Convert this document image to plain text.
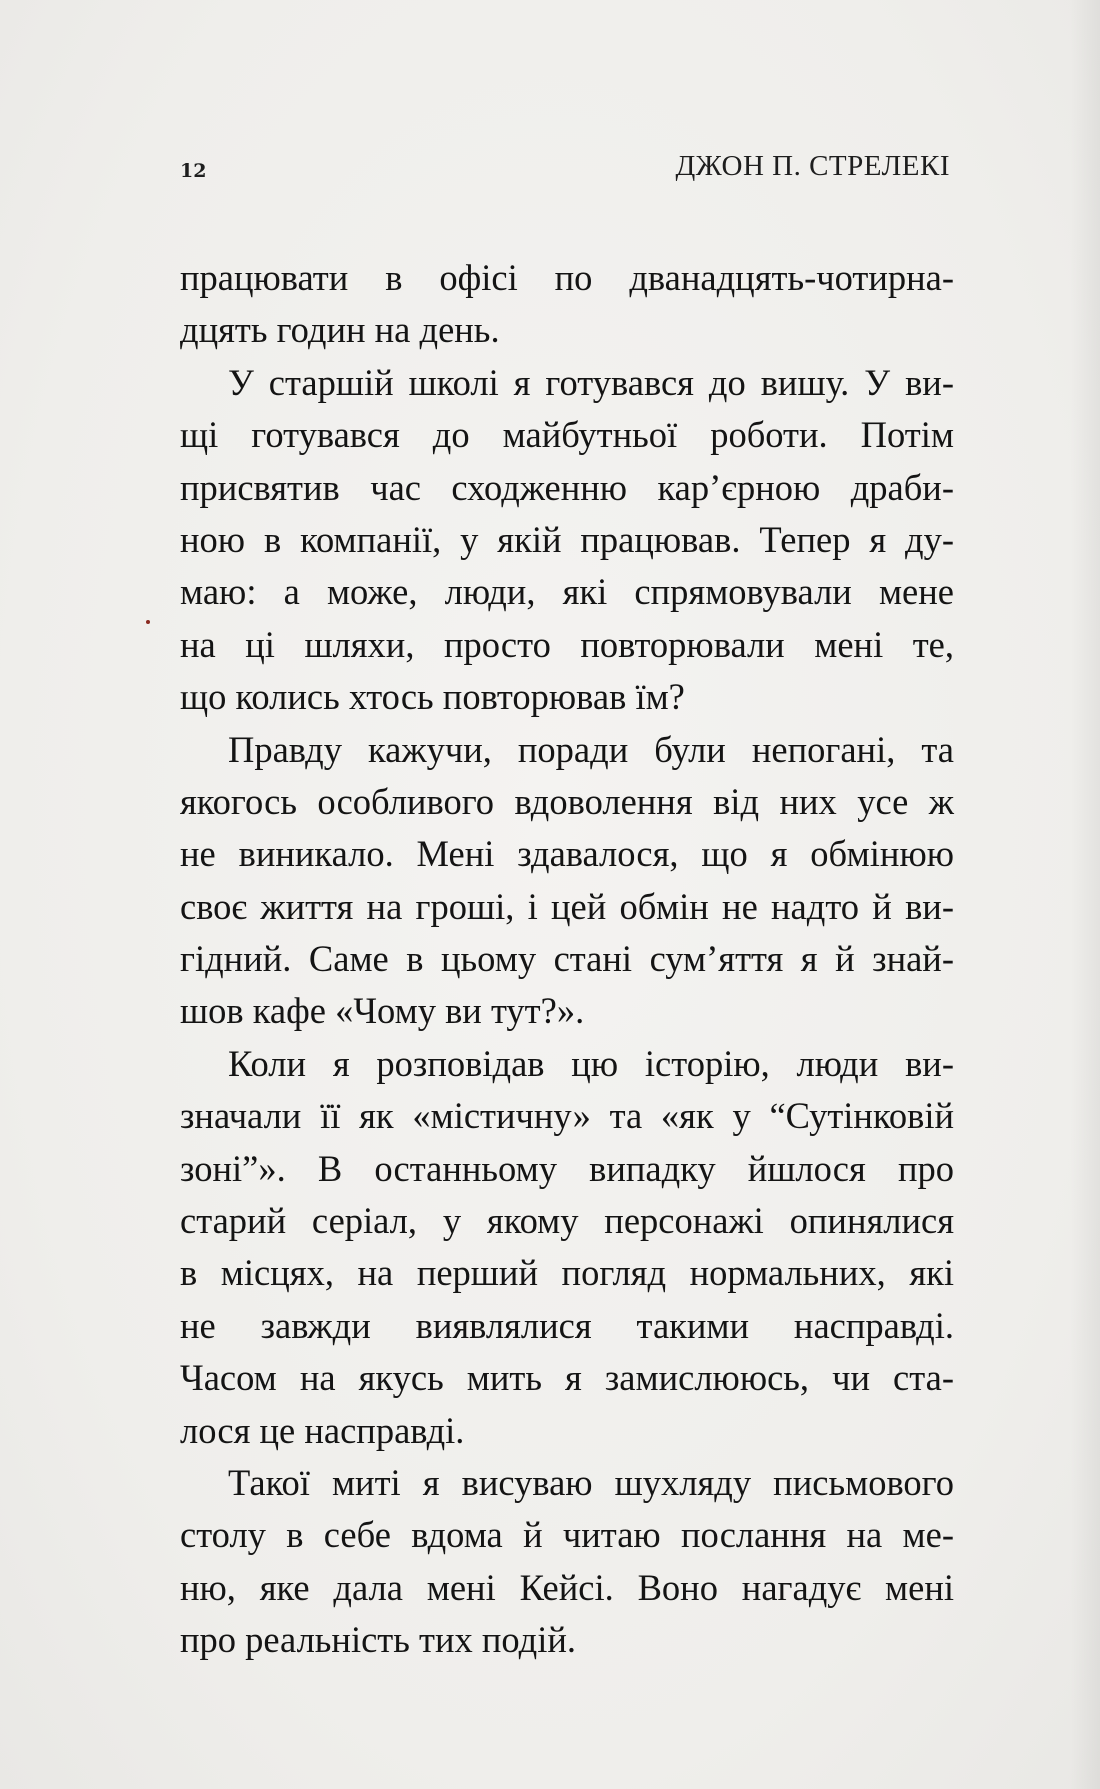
12	ДЖОН П. СТРЕЛЕКІ
працювати в офісі по дванадцять-чотирна-
дцять годин на день.
У старшій школі я готувався до вишу. У ви-
щі готувався до майбутньої роботи. Потім
присвятив час сходженню кар’єрною драби-
ною в компанії, у якій працював. Тепер я ду-
маю: а може, люди, які спрямовували мене
на ці шляхи, просто повторювали мені те,
що колись хтось повторював їм?
Правду кажучи, поради були непогані, та
якогось особливого вдоволення від них усе ж
не виникало. Мені здавалося, що я обмінюю
своє життя на гроші, і цей обмін не надто й ви-
гідний. Саме в цьому стані сум’яття я й знай-
шов кафе «Чому ви тут?».
Коли я розповідав цю історію, люди ви-
значали її як «містичну» та «як у “Сутінковій
зоні”». В останньому випадку йшлося про
старий серіал, у якому персонажі опинялися
в місцях, на перший погляд нормальних, які
не завжди виявлялися такими насправді.
Часом на якусь мить я замислююсь, чи ста-
лося це насправді.
Такої миті я висуваю шухляду письмового
столу в себе вдома й читаю послання на ме-
ню, яке дала мені Кейсі. Воно нагадує мені
про реальність тих подій.
